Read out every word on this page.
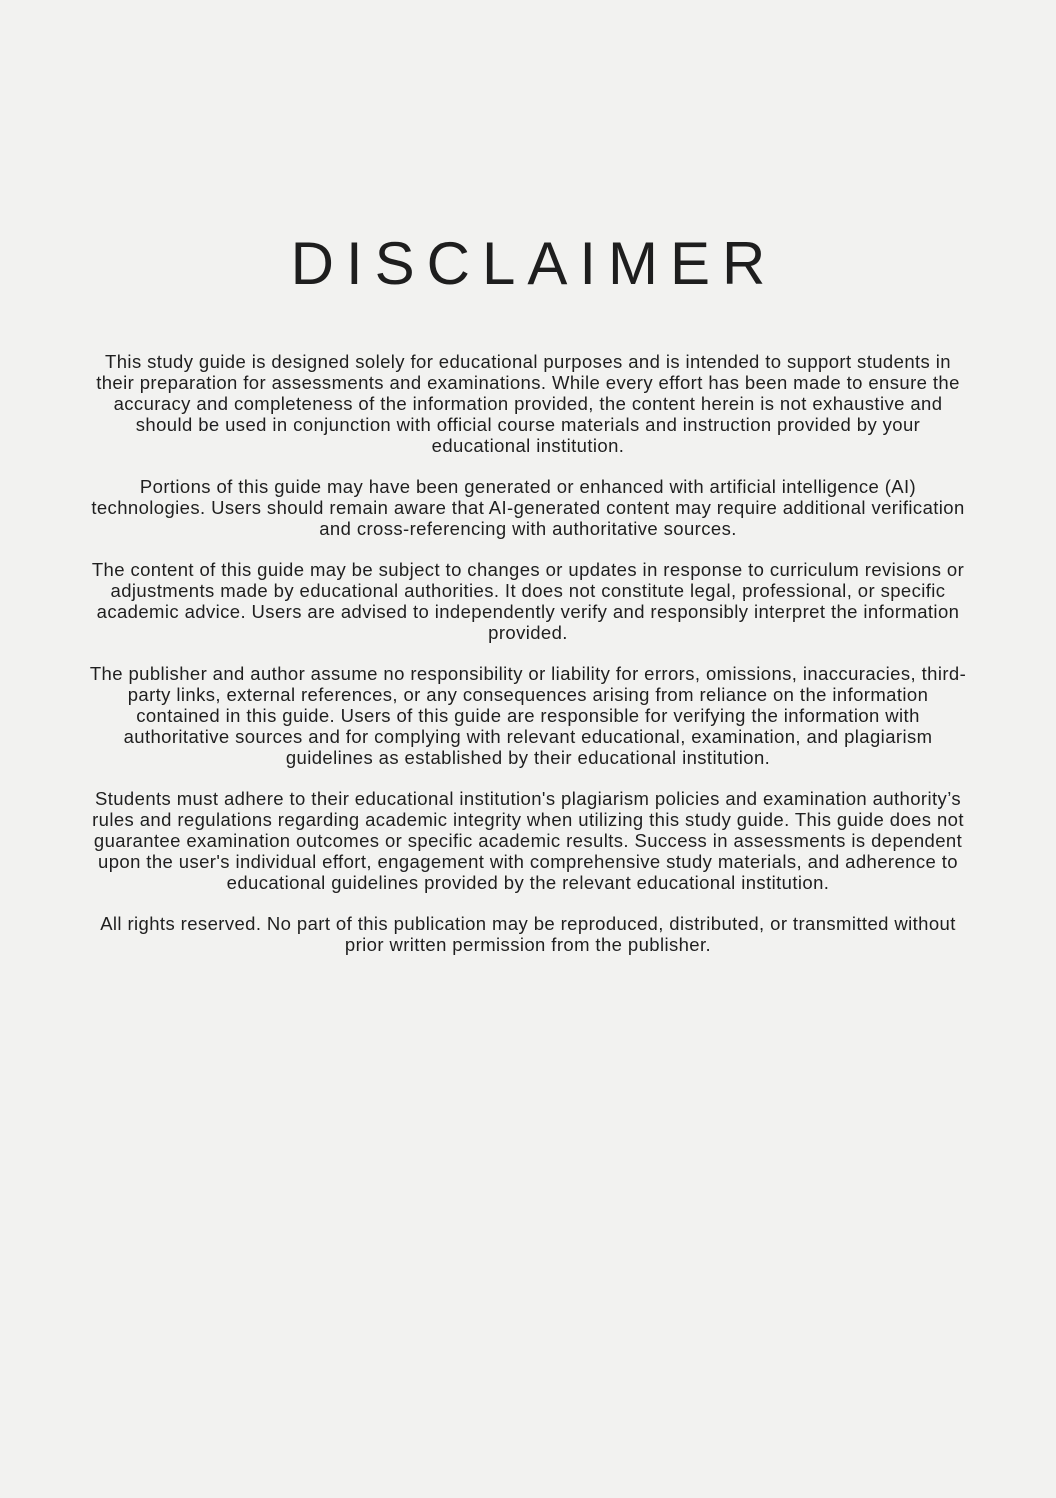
DISCLAIMER

This study guide is designed solely for educational purposes and is intended to support students in their preparation for assessments and examinations. While every effort has been made to ensure the accuracy and completeness of the information provided, the content herein is not exhaustive and should be used in conjunction with official course materials and instruction provided by your educational institution.

Portions of this guide may have been generated or enhanced with artificial intelligence (AI) technologies. Users should remain aware that AI-generated content may require additional verification and cross-referencing with authoritative sources.

The content of this guide may be subject to changes or updates in response to curriculum revisions or adjustments made by educational authorities. It does not constitute legal, professional, or specific academic advice. Users are advised to independently verify and responsibly interpret the information provided.

The publisher and author assume no responsibility or liability for errors, omissions, inaccuracies, third-party links, external references, or any consequences arising from reliance on the information contained in this guide. Users of this guide are responsible for verifying the information with authoritative sources and for complying with relevant educational, examination, and plagiarism guidelines as established by their educational institution.

Students must adhere to their educational institution's plagiarism policies and examination authority’s rules and regulations regarding academic integrity when utilizing this study guide. This guide does not guarantee examination outcomes or specific academic results. Success in assessments is dependent upon the user's individual effort, engagement with comprehensive study materials, and adherence to educational guidelines provided by the relevant educational institution.

All rights reserved. No part of this publication may be reproduced, distributed, or transmitted without prior written permission from the publisher.
